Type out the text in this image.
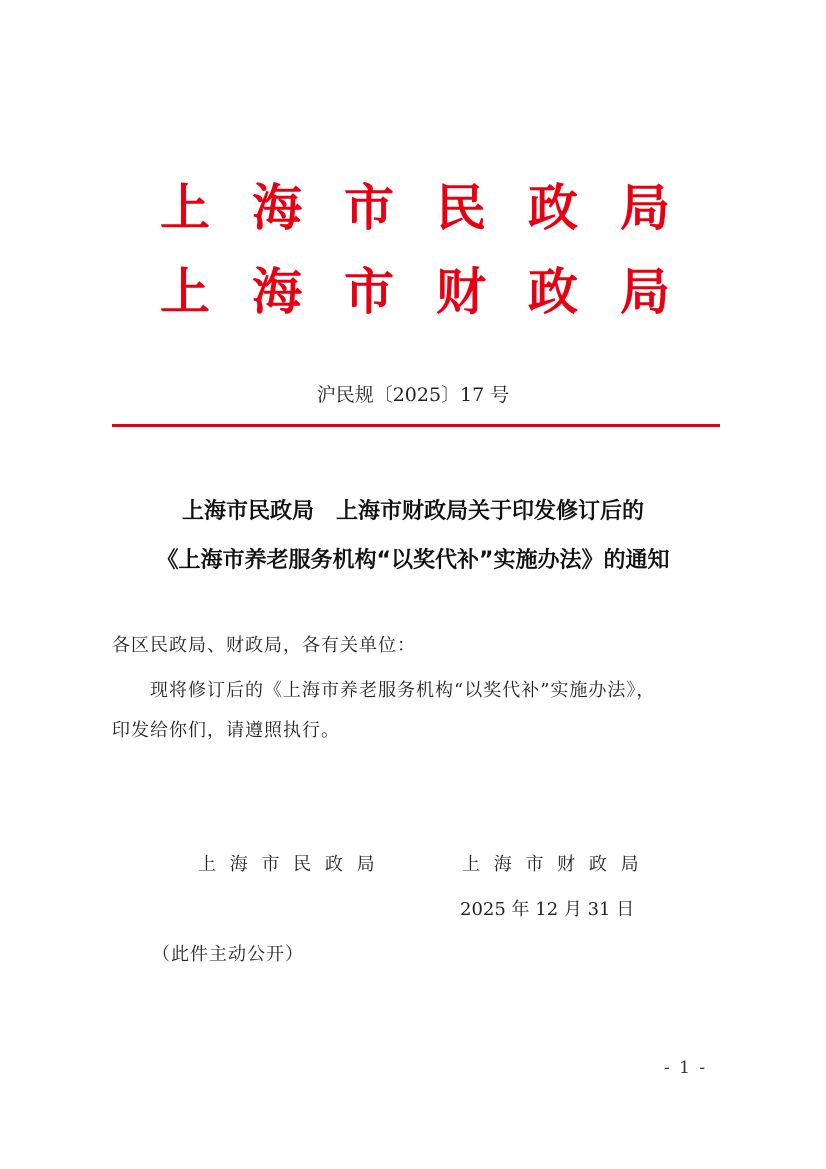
上 海 市 民 政 局
上 海 市 财 政 局
沪民规〔2025〕17 号
上海市民政局　上海市财政局关于印发修订后的
《上海市养老服务机构“以奖代补”实施办法》的通知
各区民政局、财政局，各有关单位：
现将修订后的《上海市养老服务机构“以奖代补”实施办法》，
印发给你们，请遵照执行。
上 海 市 民 政 局	上 海 市 财 政 局
2025 年 12 月 31 日
（此件主动公开）
- 1 -
